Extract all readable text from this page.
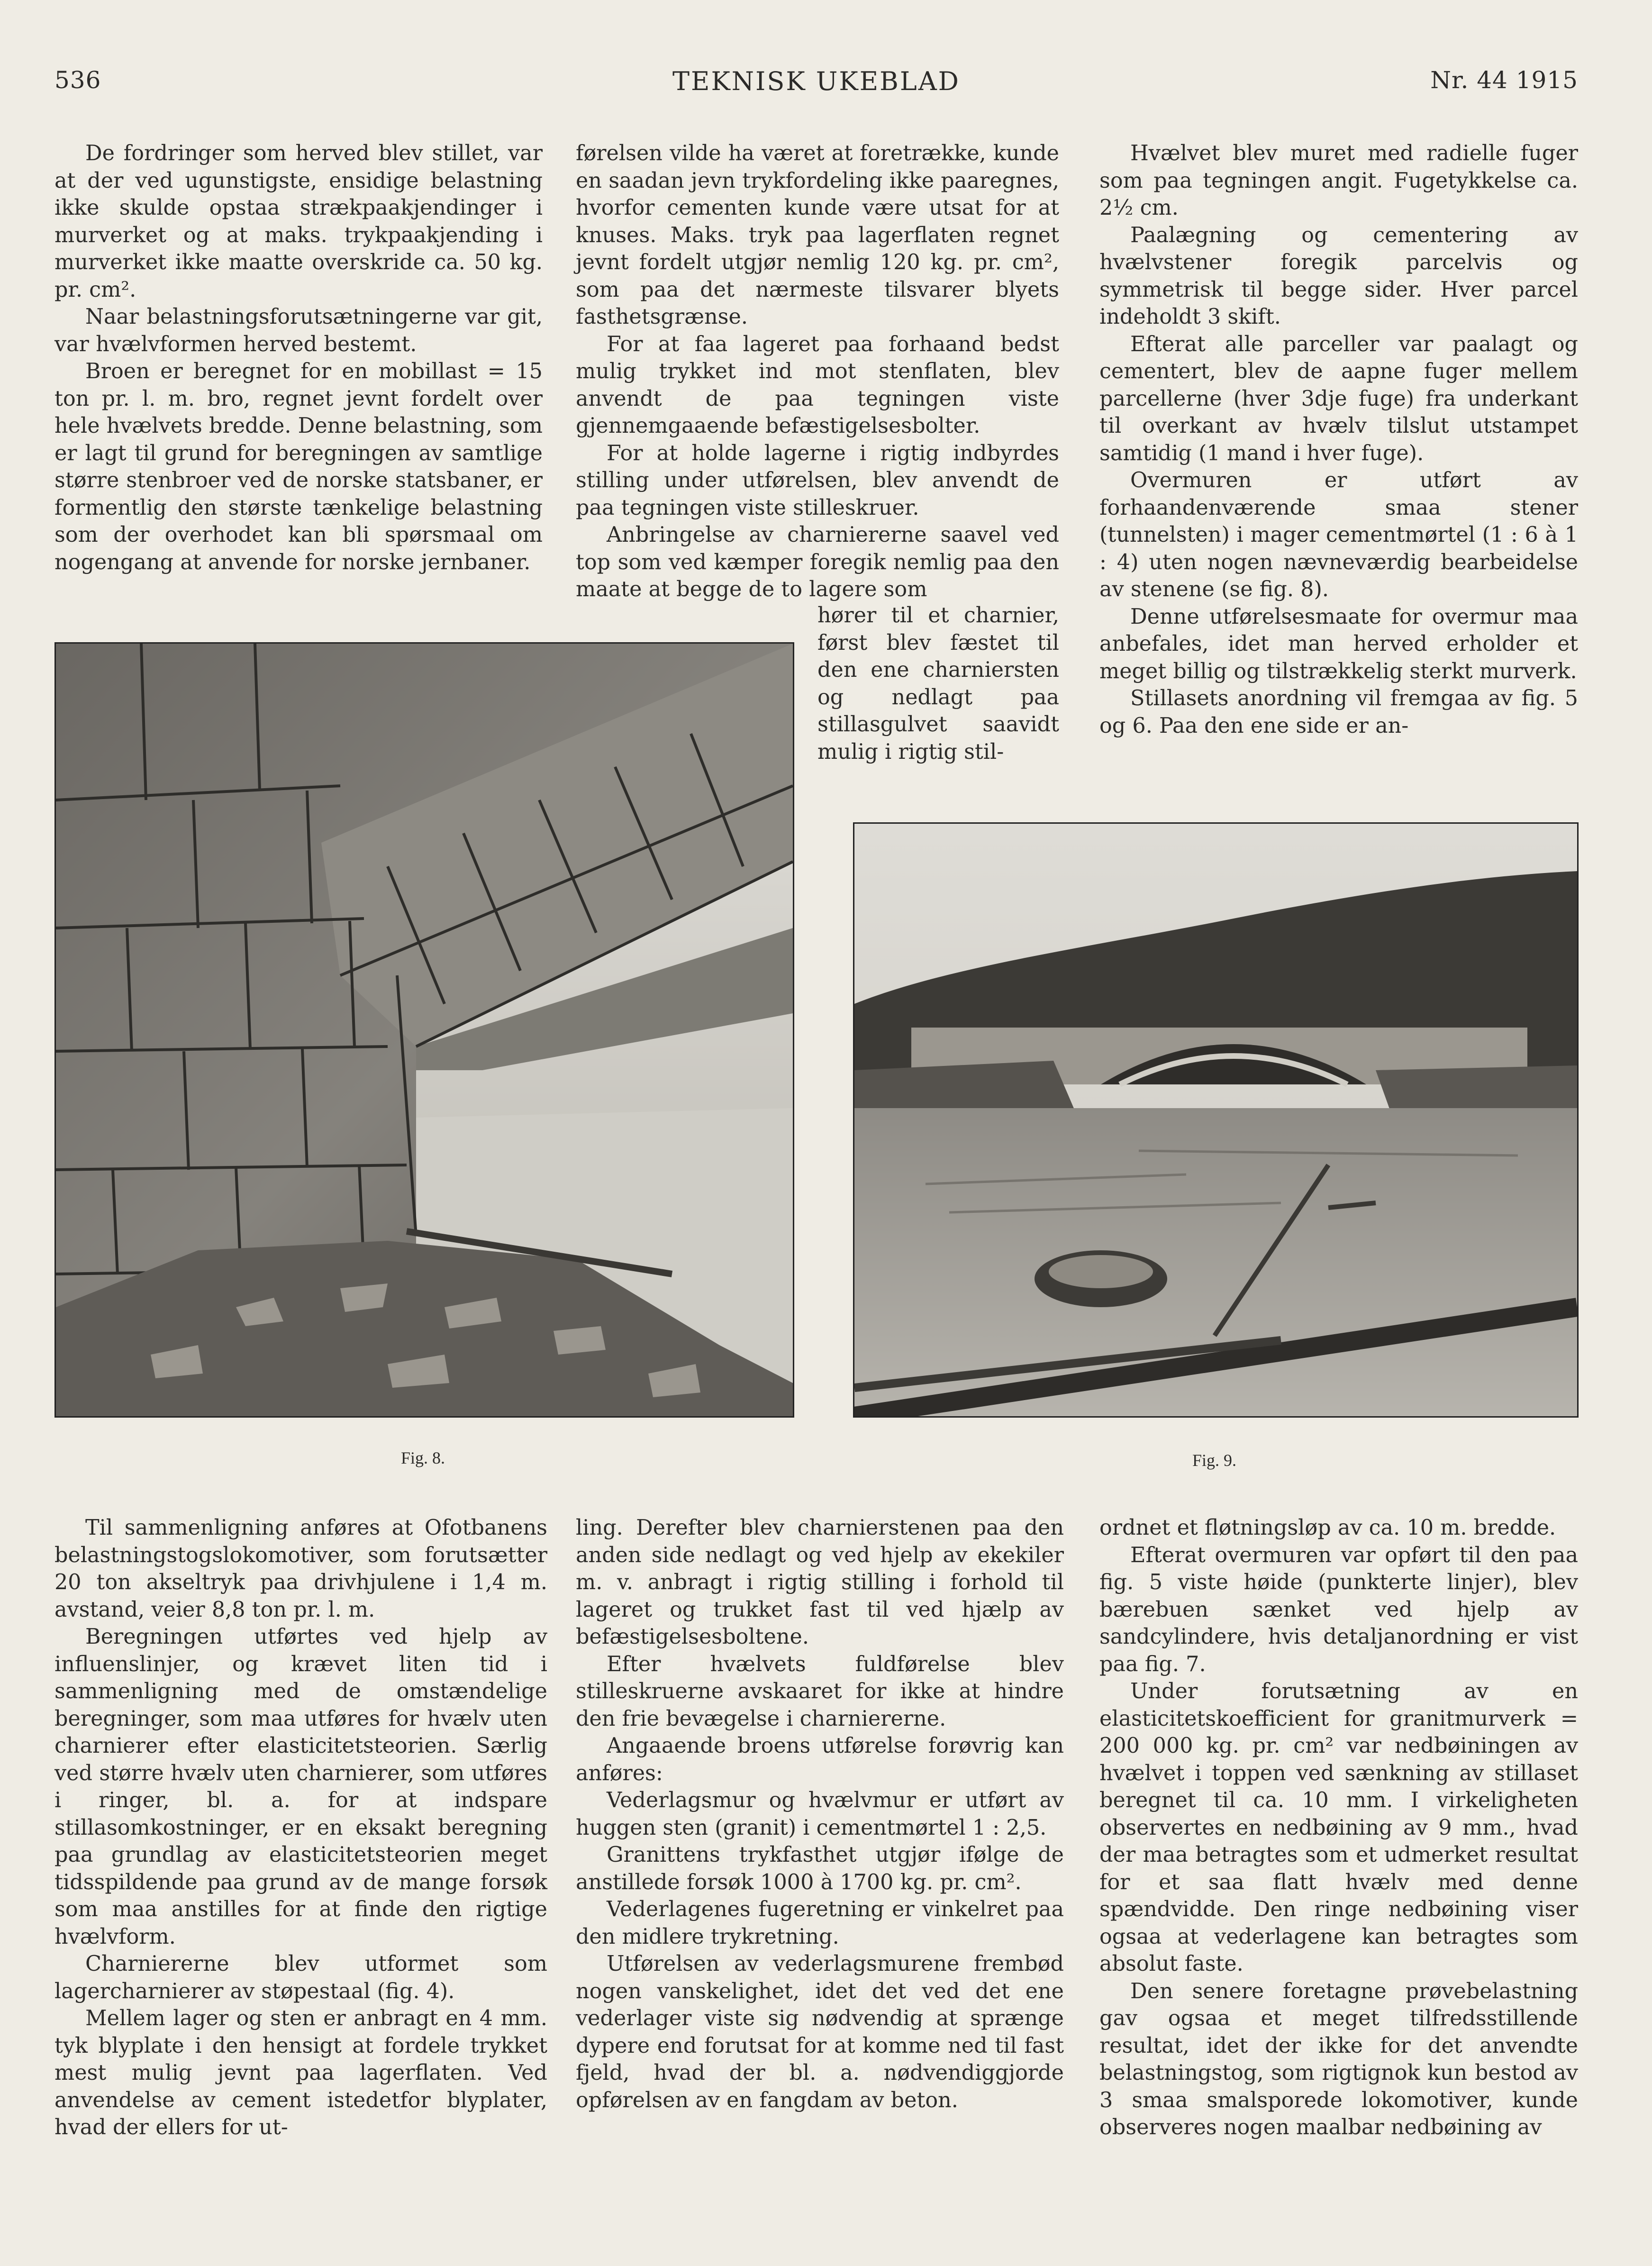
536	TEKNISK UKEBLAD	Nr. 44 1915

De fordringer som herved blev stillet, var at der ved ugunstigste, ensidige belastning ikke skulde opstaa strækpaakjendinger i murverket og at maks. trykpaakjending i murverket ikke maatte overskride ca. 50 kg. pr. cm².

Naar belastningsforutsætningerne var git, var hvælvformen herved bestemt.

Broen er beregnet for en mobillast = 15 ton pr. l. m. bro, regnet jevnt fordelt over hele hvælvets bredde. Denne belastning, som er lagt til grund for beregningen av samtlige større stenbroer ved de norske statsbaner, er formentlig den største tænkelige belastning som der overhodet kan bli spørsmaal om nogengang at anvende for norske jernbaner.

førelsen vilde ha været at foretrække, kunde en saadan jevn trykfordeling ikke paaregnes, hvorfor cementen kunde være utsat for at knuses. Maks. tryk paa lagerflaten regnet jevnt fordelt utgjør nemlig 120 kg. pr. cm², som paa det nærmeste tilsvarer blyets fasthetsgrænse.

For at faa lageret paa forhaand bedst mulig trykket ind mot stenflaten, blev anvendt de paa tegningen viste gjennemgaaende befæstigelsesbolter.

For at holde lagerne i rigtig indbyrdes stilling under utførelsen, blev anvendt de paa tegningen viste stilleskruer.

Anbringelse av charniererne saavel ved top som ved kæmper foregik nemlig paa den maate at begge de to lagere som

hører til et charnier, først blev fæstet til den ene charniersten og nedlagt paa stillasgulvet saavidt mulig i rigtig stil-

Hvælvet blev muret med radielle fuger som paa tegningen angit. Fugetykkelse ca. 2½ cm.

Paalægning og cementering av hvælvstener foregik parcelvis og symmetrisk til begge sider. Hver parcel indeholdt 3 skift.

Efterat alle parceller var paalagt og cementert, blev de aapne fuger mellem parcellerne (hver 3dje fuge) fra underkant til overkant av hvælv tilslut utstampet samtidig (1 mand i hver fuge).

Overmuren er utført av forhaandenværende smaa stener (tunnelsten) i mager cementmørtel (1 : 6 à 1 : 4) uten nogen nævneværdig bearbeidelse av stenene (se fig. 8).

Denne utførelsesmaate for overmur maa anbefales, idet man herved erholder et meget billig og tilstrækkelig sterkt murverk.

Stillasets anordning vil fremgaa av fig. 5 og 6. Paa den ene side er an-

Fig. 8.	Fig. 9.

Til sammenligning anføres at Ofotbanens belastningstogslokomotiver, som forutsætter 20 ton akseltryk paa drivhjulene i 1,4 m. avstand, veier 8,8 ton pr. l. m.

Beregningen utførtes ved hjelp av influenslinjer, og krævet liten tid i sammenligning med de omstændelige beregninger, som maa utføres for hvælv uten charnierer efter elasticitetsteorien. Særlig ved større hvælv uten charnierer, som utføres i ringer, bl. a. for at indspare stillasomkostninger, er en eksakt beregning paa grundlag av elasticitetsteorien meget tidsspildende paa grund av de mange forsøk som maa anstilles for at finde den rigtige hvælvform.

Charniererne blev utformet som lagercharnierer av støpestaal (fig. 4).

Mellem lager og sten er anbragt en 4 mm. tyk blyplate i den hensigt at fordele trykket mest mulig jevnt paa lagerflaten. Ved anvendelse av cement istedetfor blyplater, hvad der ellers for ut-

ling. Derefter blev charnierstenen paa den anden side nedlagt og ved hjelp av ekekiler m. v. anbragt i rigtig stilling i forhold til lageret og trukket fast til ved hjælp av befæstigelsesboltene.

Efter hvælvets fuldførelse blev stilleskruerne avskaaret for ikke at hindre den frie bevægelse i charniererne.

Angaaende broens utførelse forøvrig kan anføres:

Vederlagsmur og hvælvmur er utført av huggen sten (granit) i cementmørtel 1 : 2,5.

Granittens trykfasthet utgjør ifølge de anstillede forsøk 1000 à 1700 kg. pr. cm².

Vederlagenes fugeretning er vinkelret paa den midlere trykretning.

Utførelsen av vederlagsmurene frembød nogen vanskelighet, idet det ved det ene vederlager viste sig nødvendig at sprænge dypere end forutsat for at komme ned til fast fjeld, hvad der bl. a. nødvendiggjorde opførelsen av en fangdam av beton.

ordnet et fløtningsløp av ca. 10 m. bredde.

Efterat overmuren var opført til den paa fig. 5 viste høide (punkterte linjer), blev bærebuen sænket ved hjelp av sandcylindere, hvis detaljanordning er vist paa fig. 7.

Under forutsætning av en elasticitetskoefficient for granitmurverk = 200 000 kg. pr. cm² var nedbøiningen av hvælvet i toppen ved sænkning av stillaset beregnet til ca. 10 mm. I virkeligheten observertes en nedbøining av 9 mm., hvad der maa betragtes som et udmerket resultat for et saa flatt hvælv med denne spændvidde. Den ringe nedbøining viser ogsaa at vederlagene kan betragtes som absolut faste.

Den senere foretagne prøvebelastning gav ogsaa et meget tilfredsstillende resultat, idet der ikke for det anvendte belastningstog, som rigtignok kun bestod av 3 smaa smalsporede lokomotiver, kunde observeres nogen maalbar nedbøining av
